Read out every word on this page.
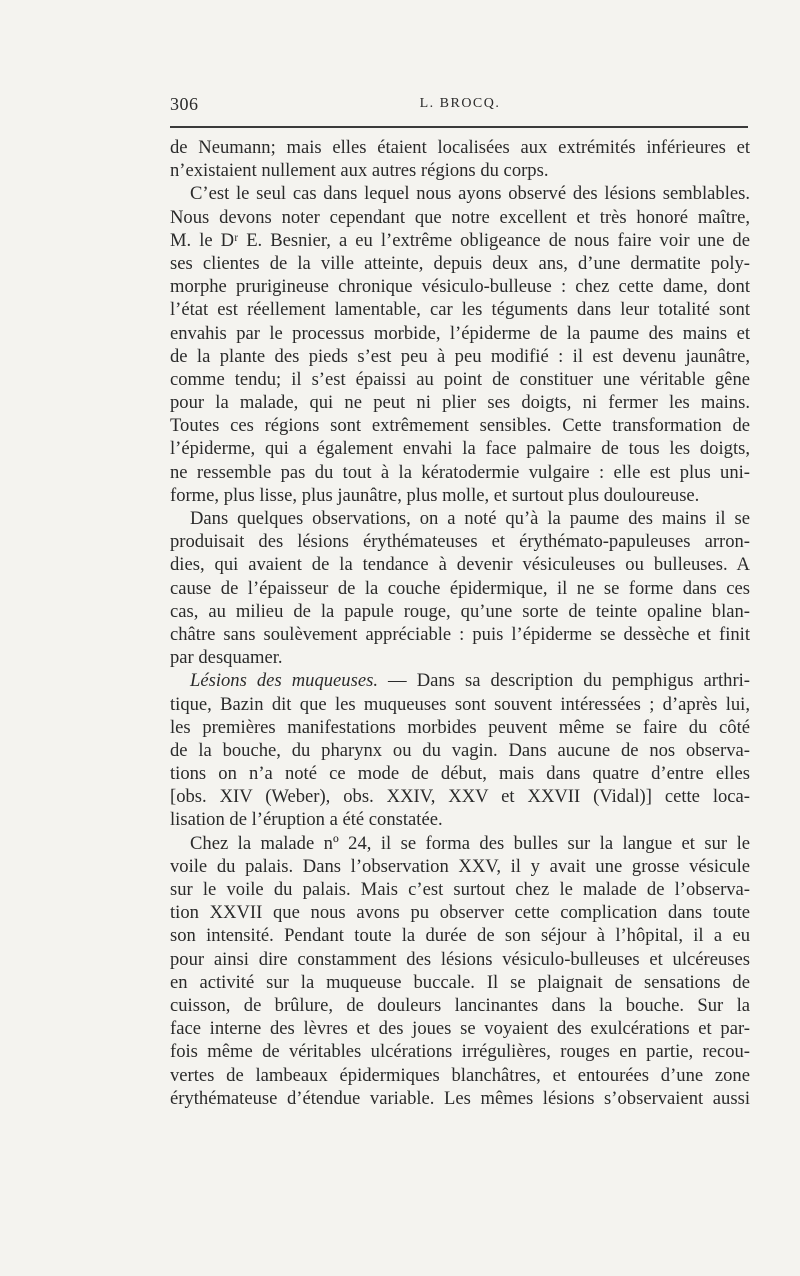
306	L. BROCQ.
de Neumann; mais elles étaient localisées aux extrémités inférieures et
n’existaient nullement aux autres régions du corps.
C’est le seul cas dans lequel nous ayons observé des lésions semblables.
Nous devons noter cependant que notre excellent et très honoré maître,
M. le Dʳ E. Besnier, a eu l’extrême obligeance de nous faire voir une de
ses clientes de la ville atteinte, depuis deux ans, d’une dermatite poly-
morphe prurigineuse chronique vésiculo-bulleuse : chez cette dame, dont
l’état est réellement lamentable, car les téguments dans leur totalité sont
envahis par le processus morbide, l’épiderme de la paume des mains et
de la plante des pieds s’est peu à peu modifié : il est devenu jaunâtre,
comme tendu; il s’est épaissi au point de constituer une véritable gêne
pour la malade, qui ne peut ni plier ses doigts, ni fermer les mains.
Toutes ces régions sont extrêmement sensibles. Cette transformation de
l’épiderme, qui a également envahi la face palmaire de tous les doigts,
ne ressemble pas du tout à la kératodermie vulgaire : elle est plus uni-
forme, plus lisse, plus jaunâtre, plus molle, et surtout plus douloureuse.
Dans quelques observations, on a noté qu’à la paume des mains il se
produisait des lésions érythémateuses et érythémato-papuleuses arron-
dies, qui avaient de la tendance à devenir vésiculeuses ou bulleuses. A
cause de l’épaisseur de la couche épidermique, il ne se forme dans ces
cas, au milieu de la papule rouge, qu’une sorte de teinte opaline blan-
châtre sans soulèvement appréciable : puis l’épiderme se dessèche et finit
par desquamer.
Lésions des muqueuses. — Dans sa description du pemphigus arthri-
tique, Bazin dit que les muqueuses sont souvent intéressées ; d’après lui,
les premières manifestations morbides peuvent même se faire du côté
de la bouche, du pharynx ou du vagin. Dans aucune de nos observa-
tions on n’a noté ce mode de début, mais dans quatre d’entre elles
[obs. XIV (Weber), obs. XXIV, XXV et XXVII (Vidal)] cette loca-
lisation de l’éruption a été constatée.
Chez la malade nº 24, il se forma des bulles sur la langue et sur le
voile du palais. Dans l’observation XXV, il y avait une grosse vésicule
sur le voile du palais. Mais c’est surtout chez le malade de l’observa-
tion XXVII que nous avons pu observer cette complication dans toute
son intensité. Pendant toute la durée de son séjour à l’hôpital, il a eu
pour ainsi dire constamment des lésions vésiculo-bulleuses et ulcéreuses
en activité sur la muqueuse buccale. Il se plaignait de sensations de
cuisson, de brûlure, de douleurs lancinantes dans la bouche. Sur la
face interne des lèvres et des joues se voyaient des exulcérations et par-
fois même de véritables ulcérations irrégulières, rouges en partie, recou-
vertes de lambeaux épidermiques blanchâtres, et entourées d’une zone
érythémateuse d’étendue variable. Les mêmes lésions s’observaient aussi
